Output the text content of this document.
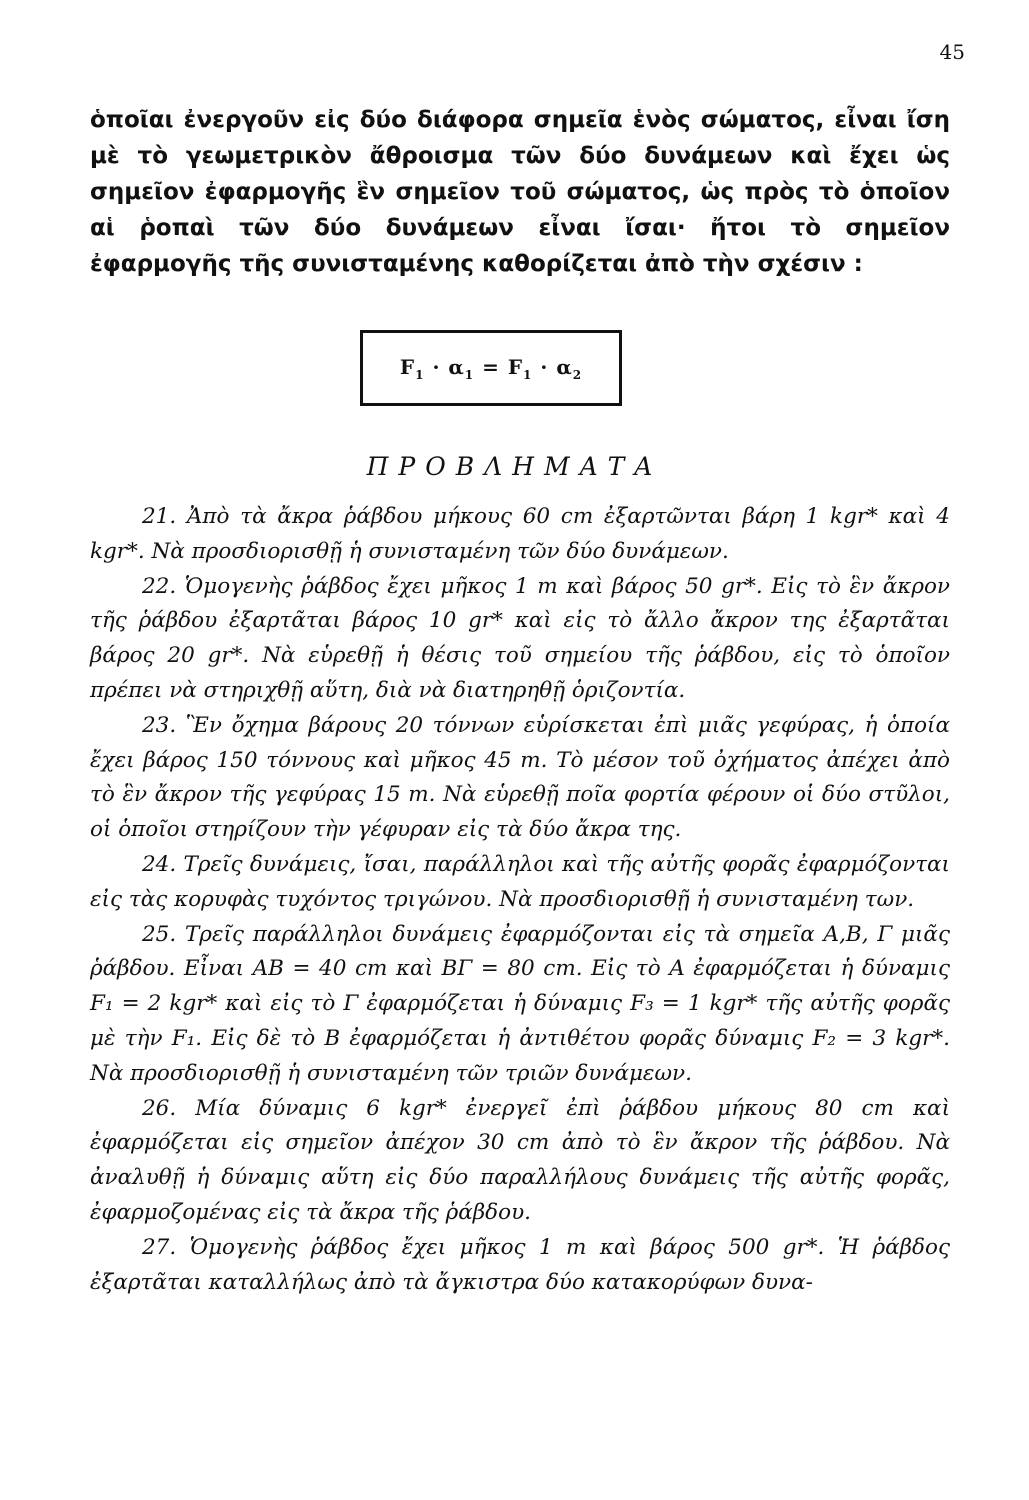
45
ὁποῖαι ἐνεργοῦν εἰς δύο διάφορα σημεῖα ἑνὸς σώματος, εἶναι ἴση μὲ τὸ γεωμετρικὸν ἄθροισμα τῶν δύο δυνάμεων καὶ ἔχει ὡς σημεῖον ἐφαρμογῆς ἓν σημεῖον τοῦ σώματος, ὡς πρὸς τὸ ὁποῖον αἱ ῥοπαὶ τῶν δύο δυνάμεων εἶναι ἴσαι· ἤτοι τὸ σημεῖον ἐφαρμογῆς τῆς συνισταμένης καθορίζεται ἀπὸ τὴν σχέσιν :
$F_1 \cdot \alpha_1 = F_1 \cdot \alpha_2$
ΠΡΟΒΛΗΜΑΤΑ

21. Ἀπὸ τὰ ἄκρα ῥάβδου μήκους 60 cm ἐξαρτῶνται βάρη 1 kgr* καὶ 4 kgr*. Νὰ προσδιορισθῇ ἡ συνισταμένη τῶν δύο δυνάμεων.

22. Ὁμογενὴς ῥάβδος ἔχει μῆκος 1 m καὶ βάρος 50 gr*. Εἰς τὸ ἓν ἄκρον τῆς ῥάβδου ἐξαρτᾶται βάρος 10 gr* καὶ εἰς τὸ ἄλλο ἄκρον της ἐξαρτᾶται βάρος 20 gr*. Νὰ εὑρεθῇ ἡ θέσις τοῦ σημείου τῆς ῥάβδου, εἰς τὸ ὁποῖον πρέπει νὰ στηριχθῇ αὕτη, διὰ νὰ διατηρηθῇ ὁριζοντία.

23. Ἓν ὄχημα βάρους 20 τόννων εὑρίσκεται ἐπὶ μιᾶς γεφύρας, ἡ ὁποία ἔχει βάρος 150 τόννους καὶ μῆκος 45 m. Τὸ μέσον τοῦ ὀχήματος ἀπέχει ἀπὸ τὸ ἓν ἄκρον τῆς γεφύρας 15 m. Νὰ εὑρεθῇ ποῖα φορτία φέρουν οἱ δύο στῦλοι, οἱ ὁποῖοι στηρίζουν τὴν γέφυραν εἰς τὰ δύο ἄκρα της.

24. Τρεῖς δυνάμεις, ἴσαι, παράλληλοι καὶ τῆς αὐτῆς φορᾶς ἐφαρμόζονται εἰς τὰς κορυφὰς τυχόντος τριγώνου. Νὰ προσδιορισθῇ ἡ συνισταμένη των.

25. Τρεῖς παράλληλοι δυνάμεις ἐφαρμόζονται εἰς τὰ σημεῖα Α,Β, Γ μιᾶς ῥάβδου. Εἶναι ΑΒ = 40 cm καὶ ΒΓ = 80 cm. Εἰς τὸ Α ἐφαρμόζεται ἡ δύναμις F₁ = 2 kgr* καὶ εἰς τὸ Γ ἐφαρμόζεται ἡ δύναμις F₃ = 1 kgr* τῆς αὐτῆς φορᾶς μὲ τὴν F₁. Εἰς δὲ τὸ Β ἐφαρμόζεται ἡ ἀντιθέτου φορᾶς δύναμις F₂ = 3 kgr*. Νὰ προσδιορισθῇ ἡ συνισταμένη τῶν τριῶν δυνάμεων.

26. Μία δύναμις 6 kgr* ἐνεργεῖ ἐπὶ ῥάβδου μήκους 80 cm καὶ ἐφαρμόζεται εἰς σημεῖον ἀπέχον 30 cm ἀπὸ τὸ ἓν ἄκρον τῆς ῥάβδου. Νὰ ἀναλυθῇ ἡ δύναμις αὕτη εἰς δύο παραλλήλους δυνάμεις τῆς αὐτῆς φορᾶς, ἐφαρμοζομένας εἰς τὰ ἄκρα τῆς ῥάβδου.

27. Ὁμογενὴς ῥάβδος ἔχει μῆκος 1 m καὶ βάρος 500 gr*. Ἡ ῥάβδος ἐξαρτᾶται καταλλήλως ἀπὸ τὰ ἄγκιστρα δύο κατακορύφων δυνα-
